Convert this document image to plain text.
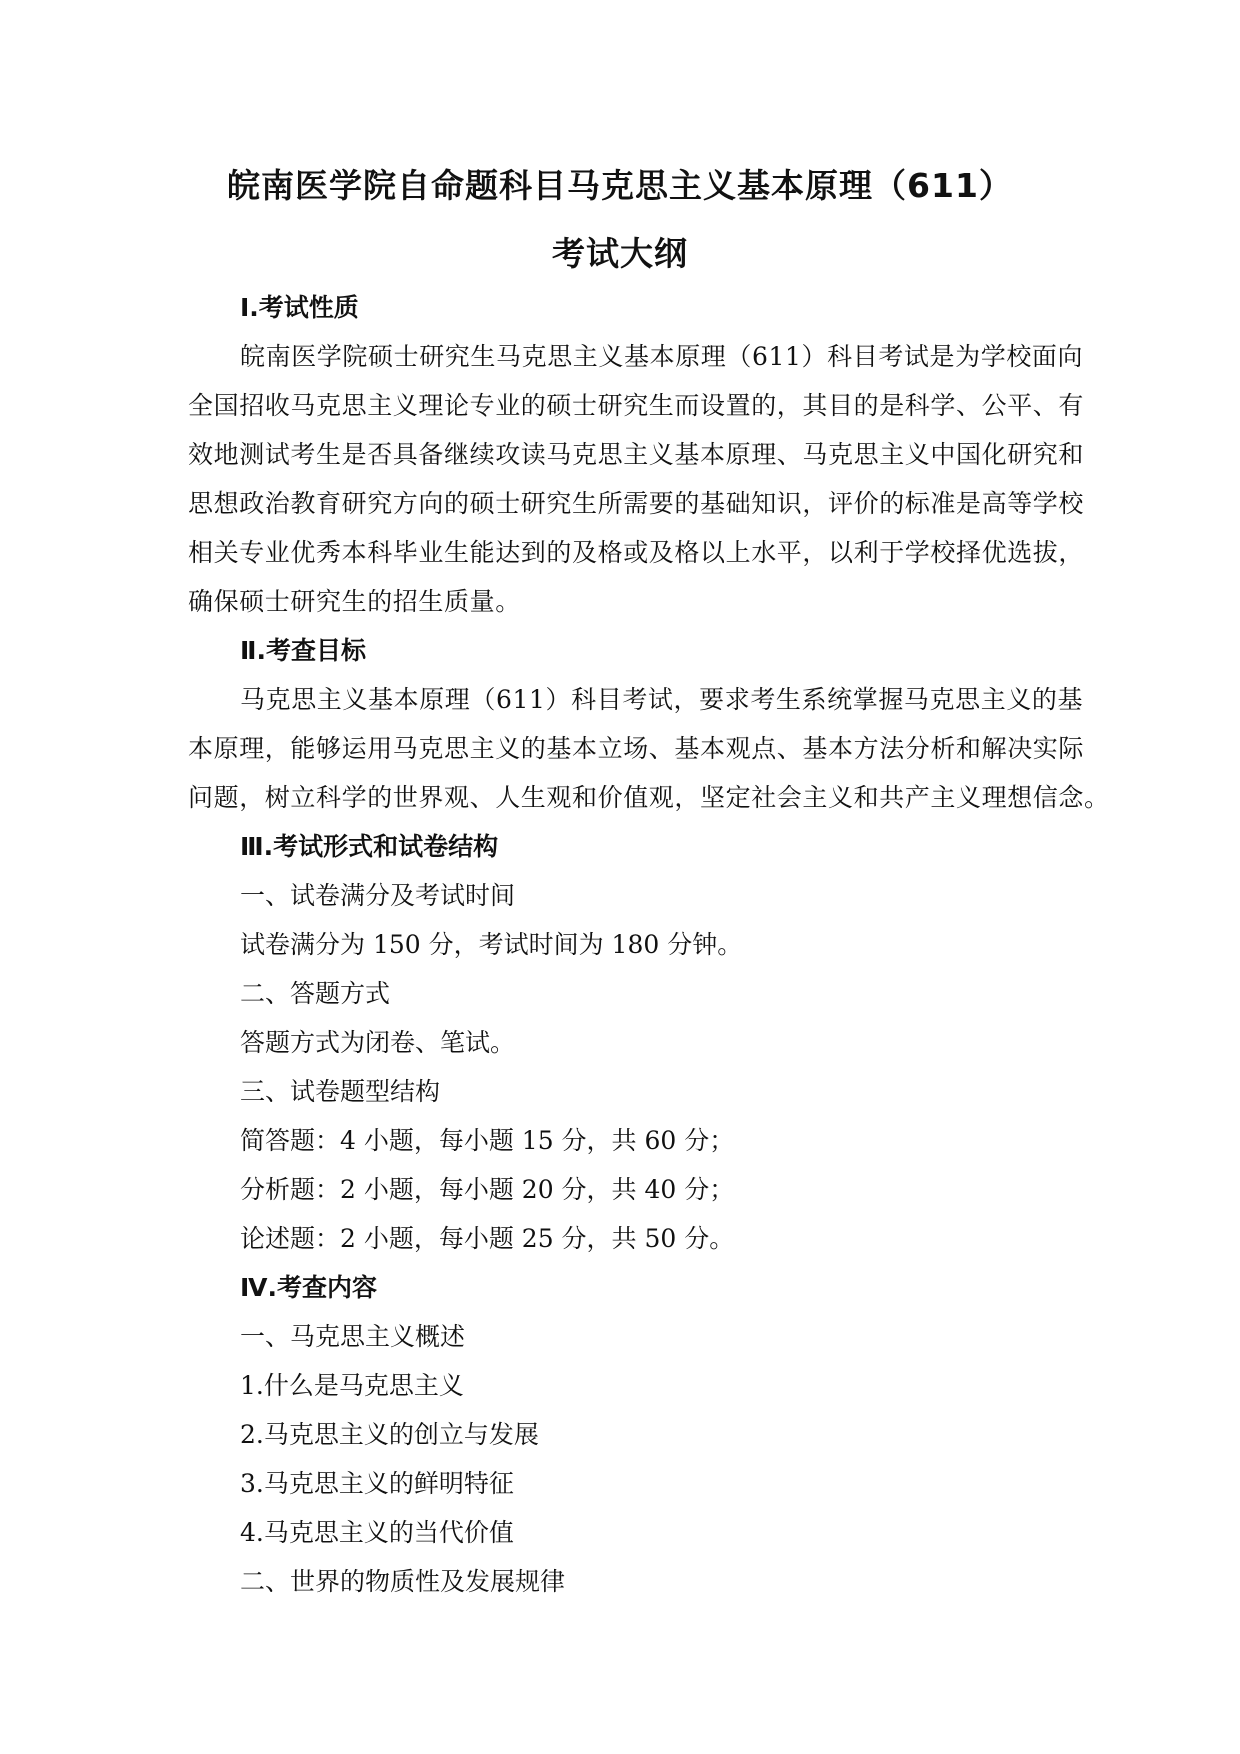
皖南医学院自命题科目马克思主义基本原理（611）
考试大纲
Ⅰ.考试性质
皖南医学院硕士研究生马克思主义基本原理（611）科目考试是为学校面向
全国招收马克思主义理论专业的硕士研究生而设置的，其目的是科学、公平、有
效地测试考生是否具备继续攻读马克思主义基本原理、马克思主义中国化研究和
思想政治教育研究方向的硕士研究生所需要的基础知识，评价的标准是高等学校
相关专业优秀本科毕业生能达到的及格或及格以上水平，以利于学校择优选拔，
确保硕士研究生的招生质量。
Ⅱ.考查目标
马克思主义基本原理（611）科目考试，要求考生系统掌握马克思主义的基
本原理，能够运用马克思主义的基本立场、基本观点、基本方法分析和解决实际
问题，树立科学的世界观、人生观和价值观，坚定社会主义和共产主义理想信念。
Ⅲ.考试形式和试卷结构
一、试卷满分及考试时间
试卷满分为 150 分，考试时间为 180 分钟。
二、答题方式
答题方式为闭卷、笔试。
三、试卷题型结构
简答题：4 小题，每小题 15 分，共 60 分；
分析题：2 小题，每小题 20 分，共 40 分；
论述题：2 小题，每小题 25 分，共 50 分。
Ⅳ.考查内容
一、马克思主义概述
1.什么是马克思主义
2.马克思主义的创立与发展
3.马克思主义的鲜明特征
4.马克思主义的当代价值
二、世界的物质性及发展规律
